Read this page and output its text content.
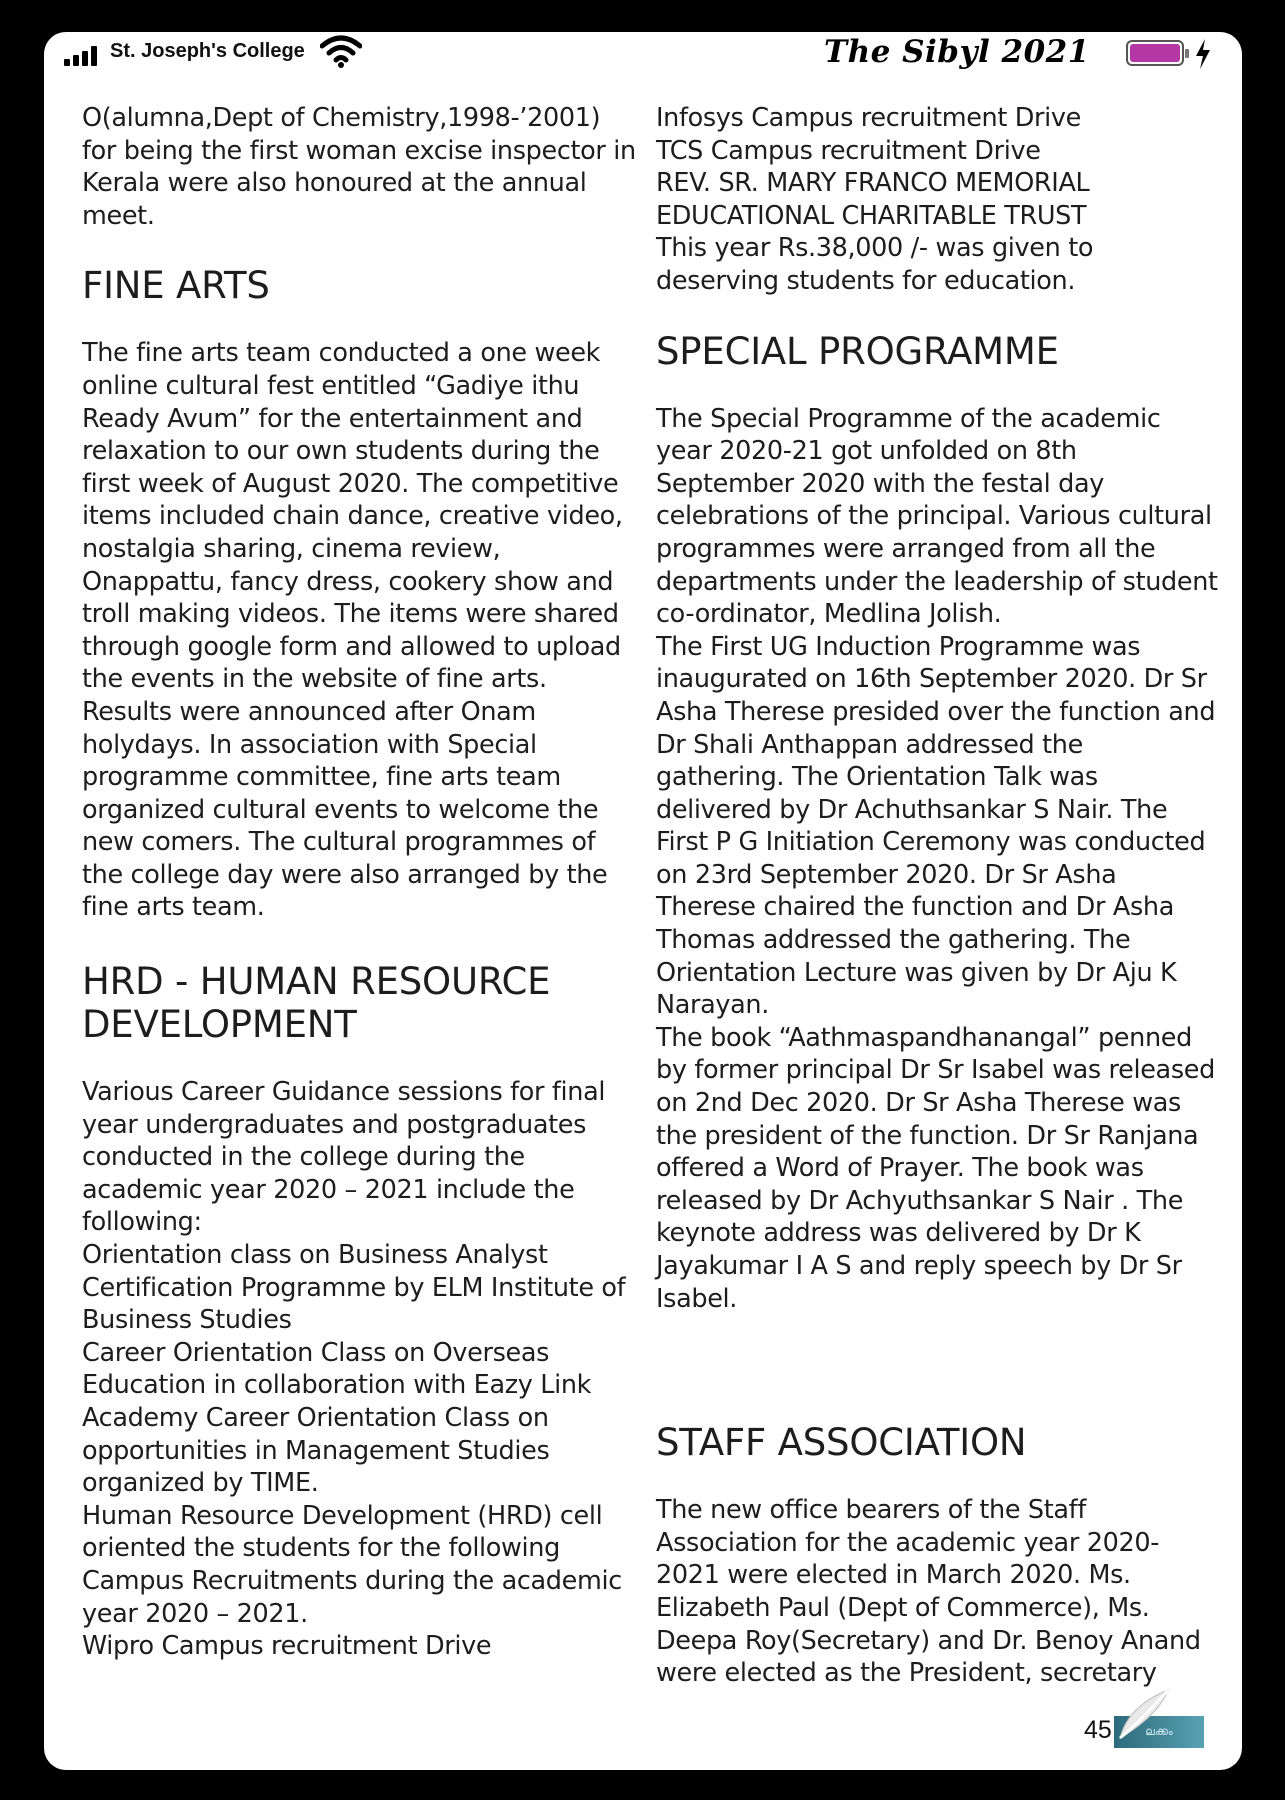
St. Joseph's College	The Sibyl 2021

O(alumna,Dept of Chemistry,1998-’2001) for being the first woman excise inspector in Kerala were also honoured at the annual meet.

FINE ARTS

The fine arts team conducted a one week online cultural fest entitled “Gadiye ithu Ready Avum” for the entertainment and relaxation to our own students during the first week of August 2020. The competitive items included chain dance, creative video, nostalgia sharing, cinema review, Onappattu, fancy dress, cookery show and troll making videos. The items were shared through google form and allowed to upload the events in the website of fine arts. Results were announced after Onam holydays. In association with Special programme committee, fine arts team organized cultural events to welcome the new comers. The cultural programmes of the college day were also arranged by the fine arts team.

HRD - HUMAN RESOURCE DEVELOPMENT

Various Career Guidance sessions for final year undergraduates and postgraduates conducted in the college during the academic year 2020 – 2021 include the following:

Orientation class on Business Analyst Certification Programme by ELM Institute of Business Studies

Career Orientation Class on Overseas Education in collaboration with Eazy Link Academy Career Orientation Class on opportunities in Management Studies organized by TIME.

Human Resource Development (HRD) cell oriented the students for the following Campus Recruitments during the academic year 2020 – 2021.

Wipro Campus recruitment Drive

Infosys Campus recruitment Drive

TCS Campus recruitment Drive

REV. SR. MARY FRANCO MEMORIAL EDUCATIONAL CHARITABLE TRUST

This year Rs.38,000 /- was given to deserving students for education.

SPECIAL PROGRAMME

The Special Programme of the academic year 2020-21 got unfolded on 8th September 2020 with the festal day celebrations of the principal. Various cultural programmes were arranged from all the departments under the leadership of student co-ordinator, Medlina Jolish.

The First UG Induction Programme was inaugurated on 16th September 2020. Dr Sr Asha Therese presided over the function and Dr Shali Anthappan addressed the gathering. The Orientation Talk was delivered by Dr Achuthsankar S Nair. The First P G Initiation Ceremony was conducted on 23rd September 2020. Dr Sr Asha Therese chaired the function and Dr Asha Thomas addressed the gathering. The Orientation Lecture was given by Dr Aju K Narayan.

The book “Aathmaspandhanangal” penned by former principal Dr Sr Isabel was released on 2nd Dec 2020. Dr Sr Asha Therese was the president of the function. Dr Sr Ranjana offered a Word of Prayer. The book was released by Dr Achyuthsankar S Nair . The keynote address was delivered by Dr K Jayakumar I A S and reply speech by Dr Sr Isabel.

STAFF ASSOCIATION

The new office bearers of the Staff Association for the academic year 2020-2021 were elected in March 2020. Ms. Elizabeth Paul (Dept of Commerce), Ms. Deepa Roy(Secretary) and Dr. Benoy Anand were elected as the President, secretary

45	ലക്കം
